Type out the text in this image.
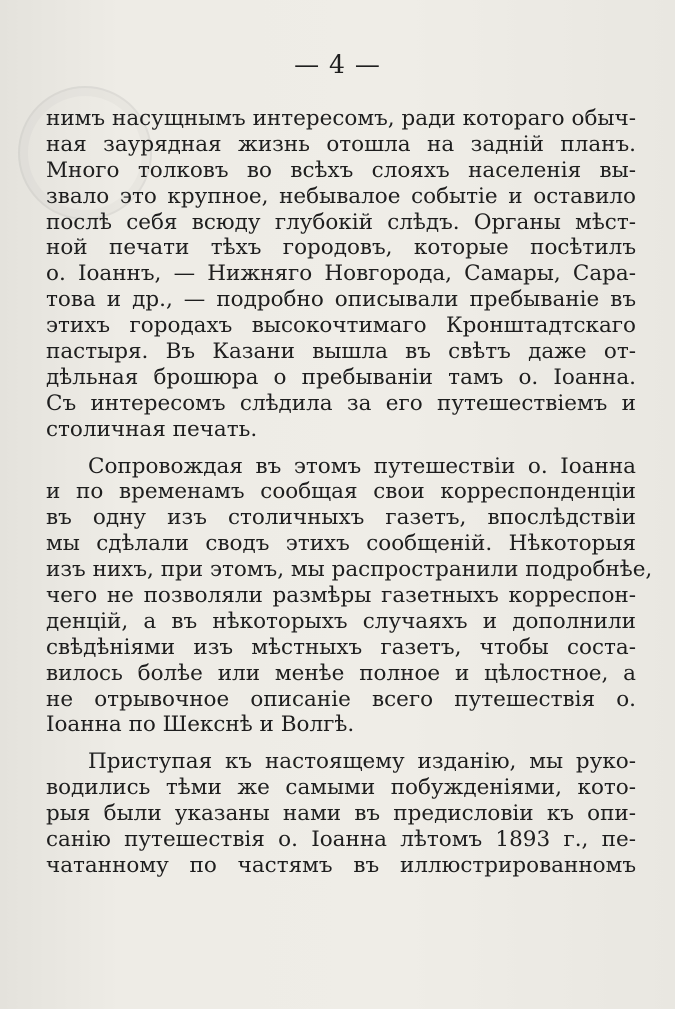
— 4 —
нимъ насущнымъ интересомъ, ради котораго обыч-
ная заурядная жизнь отошла на задній планъ.
Много толковъ во всѣхъ слояхъ населенія вы-
звало это крупное, небывалое событіе и оставило
послѣ себя всюду глубокій слѣдъ. Органы мѣст-
ной печати тѣхъ городовъ, которые посѣтилъ
о. Іоаннъ, — Нижняго Новгорода, Самары, Сара-
това и др., — подробно описывали пребываніе въ
этихъ городахъ высокочтимаго Кронштадтскаго
пастыря. Въ Казани вышла въ свѣтъ даже от-
дѣльная брошюра о пребываніи тамъ о. Іоанна.
Съ интересомъ слѣдила за его путешествіемъ и
столичная печать.
Сопровождая въ этомъ путешествіи о. Іоанна
и по временамъ сообщая свои корреспонденціи
въ одну изъ столичныхъ газетъ, впослѣдствіи
мы сдѣлали сводъ этихъ сообщеній. Нѣкоторыя
изъ нихъ, при этомъ, мы распространили подробнѣе,
чего не позволяли размѣры газетныхъ корреспон-
денцій, а въ нѣкоторыхъ случаяхъ и дополнили
свѣдѣніями изъ мѣстныхъ газетъ, чтобы соста-
вилось болѣе или менѣе полное и цѣлостное, а
не отрывочное описаніе всего путешествія о.
Іоанна по Шекснѣ и Волгѣ.
Приступая къ настоящему изданію, мы руко-
водились тѣми же самыми побужденіями, кото-
рыя были указаны нами въ предисловіи къ опи-
санію путешествія о. Іоанна лѣтомъ 1893 г., пе-
чатанному по частямъ въ иллюстрированномъ
